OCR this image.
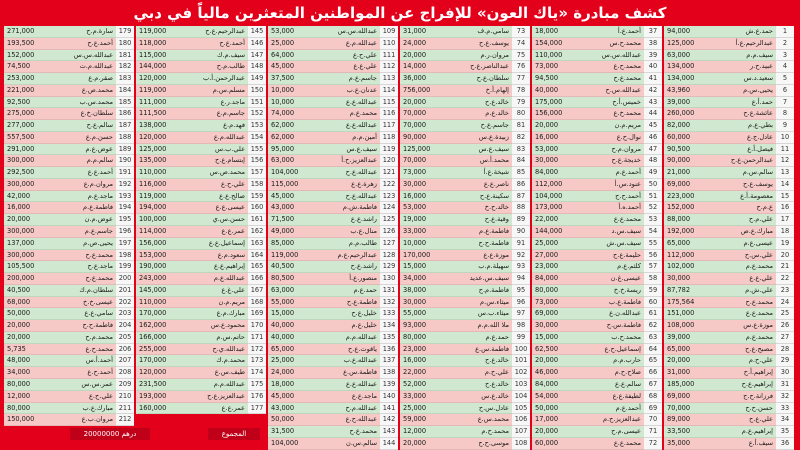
كشف مبادرة «ياك العون» للإفراج عن المواطنين المتعثرين مالياً في دبي
1
حمد.ع.ش
94,000
2
عبدالرحيم.ع.أ
125,000
3
سيف.م.م
63,000
4
عبيد.ح.ر
134,000
5
سعيد.د.س
134,000
6
يحيى.س.م
43,960
7
حمد.أ.ع
39,000
8
عائشة.ع.ح
260,000
9
بطي.ع.م
82,000
10
عادل.ج.ع
60,000
11
فيصل.أ.ع
90,500
12
عبدالرحمن.ع.ح
90,000
13
سالم.س.م
21,000
14
يوسف.ع.ح
69,000
15
معصومة.أ.ع
223,000
16
ع.م.ح
152,000
17
علي.م.ح
88,000
18
مبارك.ع.ص
192,000
19
عيسى.ع.م
65,000
20
علي.س.ح
112,000
21
محمد.ع.م
102,000
22
علي.ع.ع
30,000
23
علي.ش.م
87,782
24
محمد.ع.ح
175,564
25
محمد.ع.ع
151,000
26
موزة.ع.س
108,000
27
محمد.ع.م
39,000
28
مصبح.ع.ح
65,000
29
علي.ح.م
20,000
30
إبراهيم.أ.ح
31,000
31
إبراهيم.ع.ح
185,000
32
فرزانة.ح.ح
69,000
33
حسن.ح.ح
70,000
34
علي.ع.ح
89,000
35
إبراهيم.ع.م
33,500
36
سيف.أ.ع
35,000
37
أحمد.ع.أ
18,000
38
محمد.ح.س
154,000
39
عبدالله.س.س
110,000
40
محمد.ح.ع
73,000
41
محمد.ع.ح
94,500
42
عبدالله.س.ح
40,000
43
خميس.أ.ح
175,000
44
محمد.خ.ع
156,000
45
مريم.م.ن
20,000
46
نوال.ح.ع
16,000
47
مروان.م.ح
53,000
48
خديجة.ع.ح
30,000
49
أحمد.ع.م
84,000
50
عنود.س.أ
112,000
51
أحمد.ح.ح
104,000
52
أحمد.ه.أ
173,000
53
محمد.ع.ع
22,000
54
سيف.س.د
144,000
55
سيف.س.ش
25,000
56
حليمة.ع.ح
27,000
57
كلثم.ع.م
23,000
58
عيسى.غ.ن
84,000
59
ريسة.خ.خ
80,000
60
فاطمة.ع.ب
73,000
61
عبدالله.ن.ع
69,000
62
فاطمة.س.ح
30,000
63
محمد.ح.ب
15,000
64
إسماعيل.ح.ع
62,500
65
حارب.م.م
20,000
66
صلاح.ح.م
46,000
67
سالم.ع.ع
84,000
68
لطيفة.ع.ع
54,000
69
أحمد.ع.م
50,000
70
عبدالعزيز.ح.م
17,000
71
عيسى.م.ح
20,000
72
محمد.ع.ع
60,000
73
سامي.م.ف
31,000
74
يوسف.ع.ح
24,000
75
مروان.ر.م
20,000
76
عبدالناصر.ع.ح
14,000
77
سلطان.ع.ح
36,000
78
إلهام.أ.خ
756,000
79
خالد.ع.ح
20,000
80
خالد.ع.م
70,000
81
جاسم.ع.ح
70,000
82
زبيدة.ع.س
90,000
83
سيف.ع.س
125,000
84
محمد.أ.س
70,000
85
شيخة.ع.أ
73,000
86
ناصر.ع.ع
30,000
87
سكينة.ع.ح
16,000
88
خالد.ح.خ
53,000
89
وقية.ع.ح
19,000
90
فاطمة.ع.م
33,000
91
فاطمة.ح.ح
10,000
92
موزة.ع.ع
170,000
93
سهيلة.م.ب
15,000
94
سيف.س.عديد
34,000
95
فاطمة.م.ح
38,000
96
ميثاء.س.م
30,000
97
ميثاء.ب.س
55,000
98
ملا الله.م.م
93,000
99
حمد.ع.م
80,000
100
فاطمة.س.ع
23,000
101
خالد.ع.ح
16,000
102
علي.ح.م
22,000
103
خالد.ع.ح
52,000
104
خالد.ع.س
33,000
105
عادل.س.ح
25,000
106
محمد.س.ع
59,000
107
محمد.ح.م
12,000
108
موسى.ح.ح
20,000
109
عبدالله.س.س
53,000
110
عبدالله.م.ع
25,000
111
علي.ح.ع
64,000
112
علي.ع.ع
45,000
113
جاسم.ع.م
37,500
114
عدنان.ع.ب
10,000
115
عبدالله.ع.ع
10,000
116
محمد.ع.م
74,000
117
عبدالله.ع.ع
62,000
118
أمين.م.م
62,000
119
سيف.ع.س
95,000
120
عبدالعزيز.ح.أ
63,000
121
عبدالله.ع.ح
104,000
122
زهرة.ع.ع
115,000
123
عبدالله.ع.ح
45,000
124
فاطمة.ش.م
43,000
125
راشد.ع.ع
71,500
126
منال.ع.ب
49,000
127
طالب.م.م
85,000
128
عبدالرحيم.ع.م
119,000
129
راشد.ع.ح
40,500
130
منصور.ع.أ
80,500
131
حمد.ع.م
63,000
132
فاطمة.ع.ح
55,000
133
خليل.ع.ح
15,000
134
خليل.ع.م
40,000
135
عبدالله.م.م
40,000
136
ياقوت.ع.ح
65,000
137
عبدالله.ع.ب
25,000
138
فاطمة.س.ع
24,000
139
عبدالله.ع.ع
18,000
140
ماجد.ع.ع
45,000
141
عبدالله.م.ح
43,000
142
عبدالله.ح.ع
50,000
143
محمد.ع.ح
31,500
144
سالم.س.ن
104,000
145
عبدالرحيم.ع.ح
119,000
146
أحمد.ع.ح
118,000
147
سيف.م.ك
115,000
148
طالب.م.ح
144,000
149
عبدالرحمن.أ.ب
120,000
150
مسلم.س.م
119,000
151
ماجد.ر.ع
111,000
152
جاسم.م.ع
111,500
153
فهد.م.ع
138,000
154
عبدالله.م.ع
120,000
155
علي.ب.س
125,000
156
إبتسام.ع.ح
135,000
157
محمد.ص.س
110,000
158
علي.ح.ع
116,000
159
صالح.ع.ع
119,000
160
عيسى.ع.ع
194,000
161
حسن.س.ي
100,000
162
عمر.ع.ع
114,000
163
إسماعيل.ع.ع
156,000
164
سعود.م.ع
153,000
165
إبراهيم.ع.ع
190,000
166
عبدالله.ع.م
243,000
167
علي.غ.ع
145,000
168
مريم.م.ن
110,000
169
مبارك.م.ع
170,000
170
محمود.ع.س
162,000
171
حاتم.س.م
166,000
172
عبدالله.ي.ح
255,000
173
محمد.م.ك
170,000
174
طيف.س.ع
120,000
175
عبدالله.م.م
231,500
176
عبدالعزيز.ع.ح
193,000
177
عمر.ع.ع
160,000
179
سارة.م.ح
271,000
180
أحمد.ع.ح
193,500
181
عبدالله.س.س
152,000
182
عبدالله.م.ت
74,500
183
صقر.م.ع
253,000
184
محمد.ص.ع
221,000
185
محمد.س.ب
92,500
186
سلطان.خ.ع
275,000
187
سالم.ع.ح
277,000
188
حسن.م.ع
557,500
189
عوض.ع.م
291,000
190
سالم.م.م
300,000
191
أحمد.ع.ع
292,500
192
مروان.م.ع
300,000
193
ماجد.ع.م
42,000
194
فاطمة.ع.م
16,000
195
عوض.م.ن
20,000
196
جاسم.ع.م
300,000
197
يحيى.ص.م
137,000
198
محمد.ع.ح
300,000
199
ماجد.ع.ح
105,500
200
محمد.ع.ح
200,000
201
سلطان.م.ك
40,500
202
عيسى.خ.خ
68,000
203
سامي.ع.ع
50,000
204
فاطمة.ح.ح
20,000
205
محمد.م.ح
20,000
206
محمد.ح.ع
5,735
207
أحمد.أ.س
48,000
208
أحمد.ح.ع
34,000
209
عمر.س.س
80,000
210
علي.ح.ع
12,000
211
مبارك.ع.ب
80,000
212
مروان.ب.ع
150,000
20000000 درهم	المجموع
